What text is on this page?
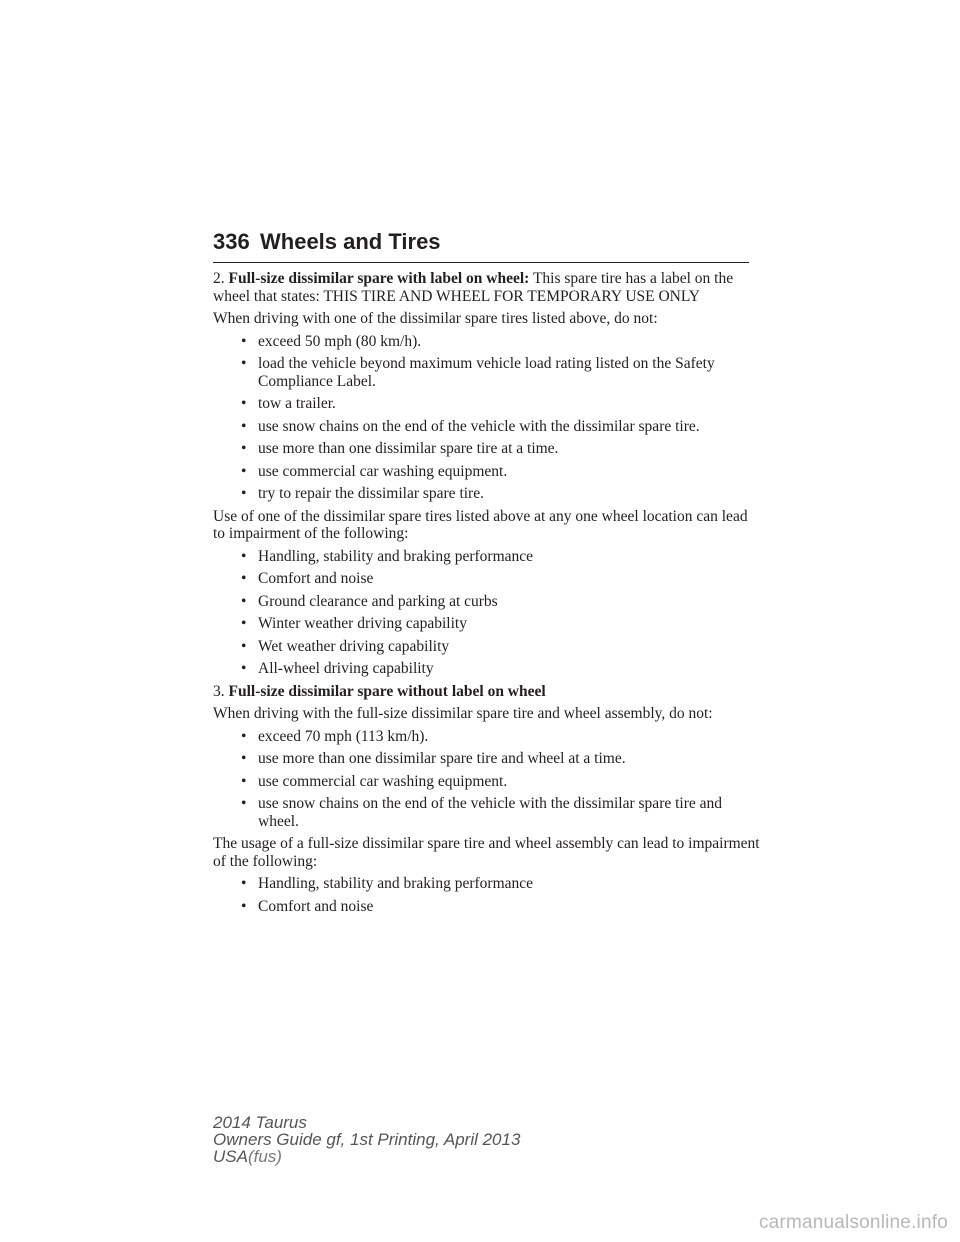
336 Wheels and Tires

2. Full-size dissimilar spare with label on wheel: This spare tire has a label on the wheel that states: THIS TIRE AND WHEEL FOR TEMPORARY USE ONLY

When driving with one of the dissimilar spare tires listed above, do not:

• exceed 50 mph (80 km/h).
• load the vehicle beyond maximum vehicle load rating listed on the Safety Compliance Label.
• tow a trailer.
• use snow chains on the end of the vehicle with the dissimilar spare tire.
• use more than one dissimilar spare tire at a time.
• use commercial car washing equipment.
• try to repair the dissimilar spare tire.

Use of one of the dissimilar spare tires listed above at any one wheel location can lead to impairment of the following:

• Handling, stability and braking performance
• Comfort and noise
• Ground clearance and parking at curbs
• Winter weather driving capability
• Wet weather driving capability
• All-wheel driving capability

3. Full-size dissimilar spare without label on wheel

When driving with the full-size dissimilar spare tire and wheel assembly, do not:

• exceed 70 mph (113 km/h).
• use more than one dissimilar spare tire and wheel at a time.
• use commercial car washing equipment.
• use snow chains on the end of the vehicle with the dissimilar spare tire and wheel.

The usage of a full-size dissimilar spare tire and wheel assembly can lead to impairment of the following:

• Handling, stability and braking performance
• Comfort and noise
2014 Taurus
Owners Guide gf, 1st Printing, April 2013
USA(fus)
carmanualsonline.info
